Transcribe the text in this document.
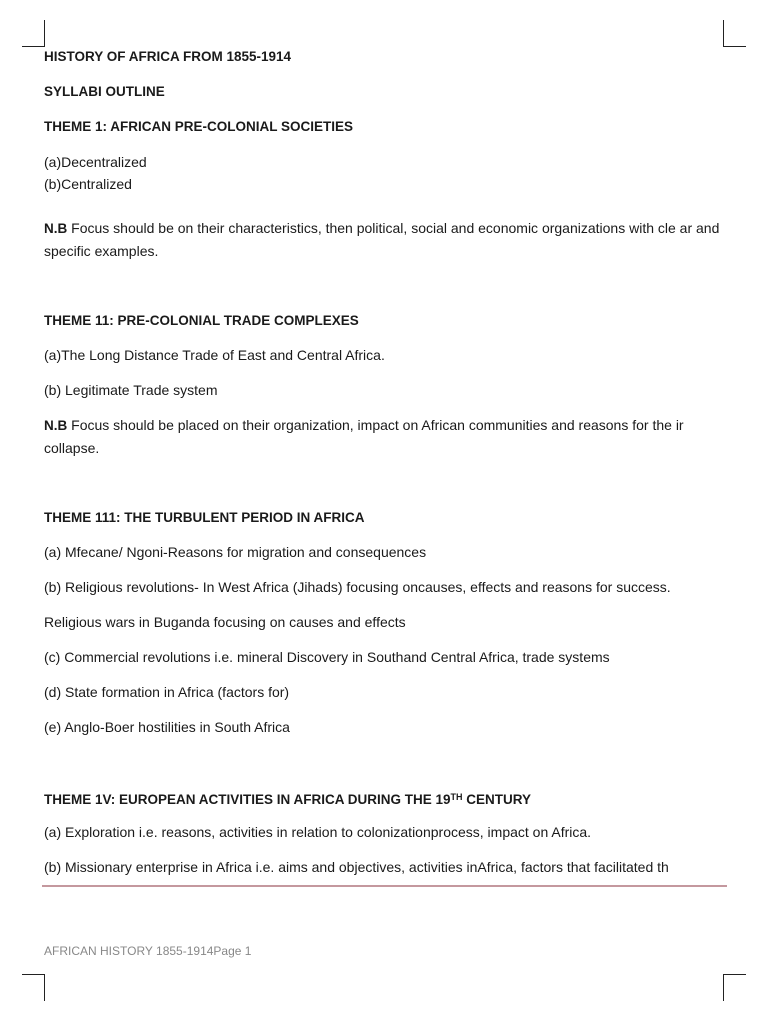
HISTORY OF AFRICA FROM 1855-1914
SYLLABI OUTLINE
THEME 1: AFRICAN PRE-COLONIAL SOCIETIES
(a)Decentralized
(b)Centralized
N.B Focus should be on their characteristics, then political, social and economic organizations with cle ar and specific examples.
THEME 11: PRE-COLONIAL TRADE COMPLEXES
(a)The Long Distance Trade of East and Central Africa.
(b) Legitimate Trade system
N.B Focus should be placed on their organization, impact on African communities and reasons for the ir collapse.
THEME 111: THE TURBULENT PERIOD IN AFRICA
(a) Mfecane/ Ngoni-Reasons for migration and consequences
(b) Religious revolutions- In West Africa (Jihads) focusing oncauses, effects and reasons for success.
Religious wars in Buganda focusing on causes and effects
(c) Commercial revolutions i.e. mineral Discovery in Southand Central Africa, trade systems
(d) State formation in Africa (factors for)
(e) Anglo-Boer hostilities in South Africa
THEME 1V: EUROPEAN ACTIVITIES IN AFRICA DURING THE 19TH CENTURY
(a) Exploration i.e. reasons, activities in relation to colonizationprocess, impact on Africa.
(b) Missionary enterprise in Africa i.e. aims and objectives, activities inAfrica, factors that facilitated th
AFRICAN HISTORY 1855-1914Page 1
